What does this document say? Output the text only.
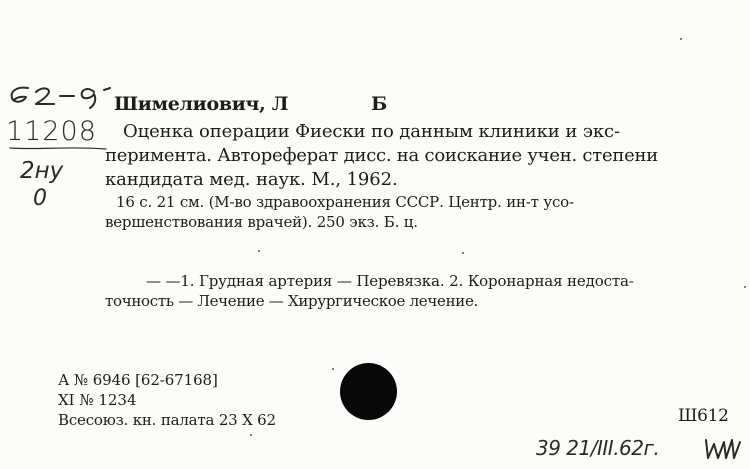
11208
2ну
0
Шимелиович, Л	Б
Оценка операции Фиески по данным клиники и экс-
перимента. Автореферат дисс. на соискание учен. степени
кандидата мед. наук. М., 1962.
16 с. 21 см. (М-во здравоохранения СССР. Центр. ин-т усо-
вершенствования врачей). 250 экз. Б. ц.
— —1. Грудная артерия — Перевязка. 2. Коронарная недоста-
точность — Лечение — Хирургическое лечение.
А № 6946 [62-67168]
XI № 1234
Всесоюз. кн. палата 23 X 62	Ш612
39 21/III.62г.
